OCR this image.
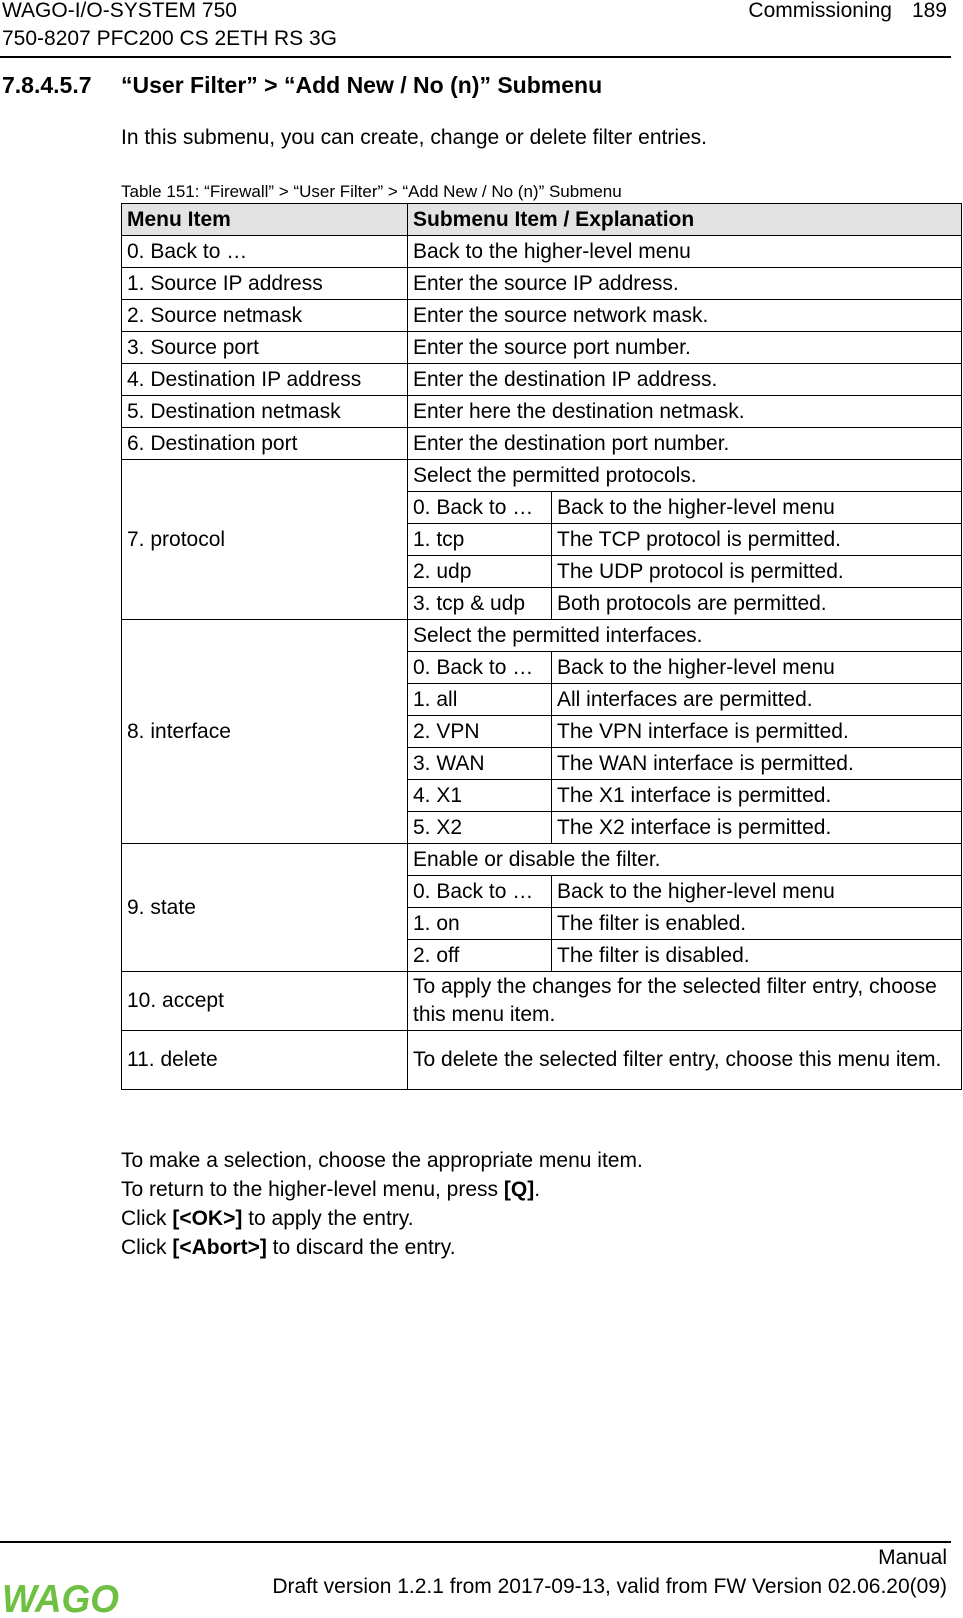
WAGO-I/O-SYSTEM 750
750-8207 PFC200 CS 2ETH RS 3G
Commissioning 189
7.8.4.5.7 “User Filter” > “Add New / No (n)” Submenu
In this submenu, you can create, change or delete filter entries.
Table 151: “Firewall” > “User Filter” > “Add New / No (n)” Submenu
Menu Item	Submenu Item / Explanation	
0. Back to …	Back to the higher-level menu	
1. Source IP address	Enter the source IP address.	
2. Source netmask	Enter the source network mask.	
3. Source port	Enter the source port number.	
4. Destination IP address	Enter the destination IP address.	
5. Destination netmask	Enter here the destination netmask.	
6. Destination port	Enter the destination port number.	
7. protocol	Select the permitted protocols.	
	0. Back to …	Back to the higher-level menu
	1. tcp	The TCP protocol is permitted.
	2. udp	The UDP protocol is permitted.
	3. tcp & udp	Both protocols are permitted.
8. interface	Select the permitted interfaces.	
	0. Back to …	Back to the higher-level menu
	1. all	All interfaces are permitted.
	2. VPN	The VPN interface is permitted.
	3. WAN	The WAN interface is permitted.
	4. X1	The X1 interface is permitted.
	5. X2	The X2 interface is permitted.
9. state	Enable or disable the filter.	
	0. Back to …	Back to the higher-level menu
	1. on	The filter is enabled.
	2. off	The filter is disabled.
10. accept	To apply the changes for the selected filter entry, choose this menu item.	
11. delete	To delete the selected filter entry, choose this menu item.	
To make a selection, choose the appropriate menu item.
To return to the higher-level menu, press [Q].
Click [<OK>] to apply the entry.
Click [<Abort>] to discard the entry.
Manual
Draft version 1.2.1 from 2017-09-13, valid from FW Version 02.06.20(09)
WAGO
